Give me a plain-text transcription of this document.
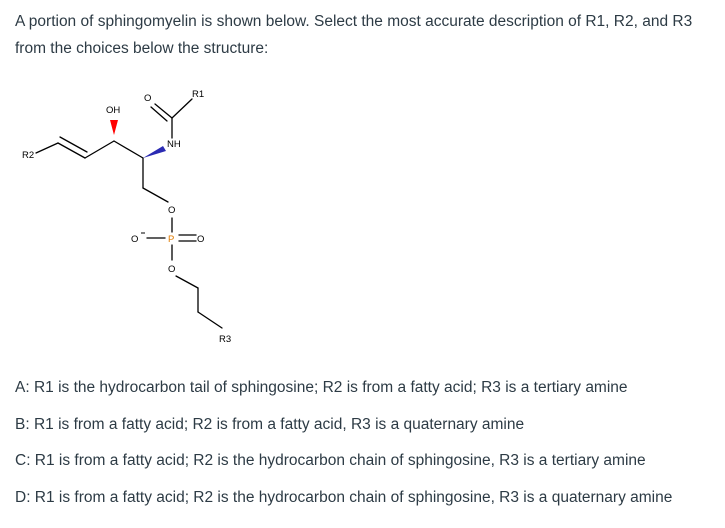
A portion of sphingomyelin is shown below. Select the most accurate description of R1, R2, and R3 from the choices below the structure:
R2
OH
NH
O	R1
O
O	P O
O
R3
A: R1 is the hydrocarbon tail of sphingosine; R2 is from a fatty acid; R3 is a tertiary amine
B: R1 is from a fatty acid; R2 is from a fatty acid, R3 is a quaternary amine
C: R1 is from a fatty acid; R2 is the hydrocarbon chain of sphingosine, R3 is a tertiary amine
D: R1 is from a fatty acid; R2 is the hydrocarbon chain of sphingosine, R3 is a quaternary amine
